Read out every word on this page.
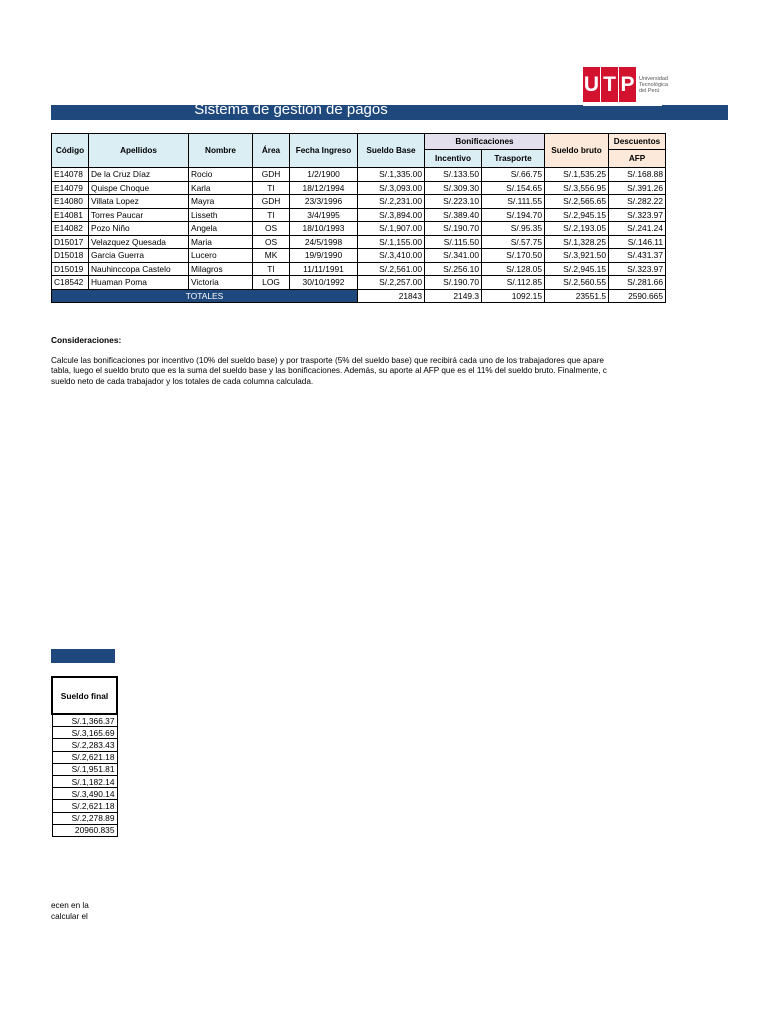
U T P Universidad
Tecnológica
del Perú
Sistema de gestión de pagos
Código	Apellidos	Nombre	Área	Fecha Ingreso	Sueldo Base	Bonificaciones		Sueldo bruto	Descuentos
						Incentivo	Trasporte		AFP
E14078	De la Cruz Díaz	Rocio	GDH	1/2/1900	S/.1,335.00	S/.133.50	S/.66.75	S/.1,535.25	S/.168.88
E14079	Quispe Choque	Karla	TI	18/12/1994	S/.3,093.00	S/.309.30	S/.154.65	S/.3,556.95	S/.391.26
E14080	Villata Lopez	Mayra	GDH	23/3/1996	S/.2,231.00	S/.223.10	S/.111.55	S/.2,565.65	S/.282.22
E14081	Torres Paucar	Lisseth	TI	3/4/1995	S/.3,894.00	S/.389.40	S/.194.70	S/.2,945.15	S/.323.97
E14082	Pozo Niño	Angela	OS	18/10/1993	S/.1,907.00	S/.190.70	S/.95.35	S/.2,193.05	S/.241.24
D15017	Velazquez Quesada	Maria	OS	24/5/1998	S/.1,155.00	S/.115.50	S/.57.75	S/.1,328.25	S/.146.11
D15018	Garcia Guerra	Lucero	MK	19/9/1990	S/.3,410.00	S/.341.00	S/.170.50	S/.3,921.50	S/.431.37
D15019	Nauhinccopa Castelo	Milagros	TI	11/11/1991	S/.2,561.00	S/.256.10	S/.128.05	S/.2,945.15	S/.323.97
C18542	Huaman Poma	Victoria	LOG	30/10/1992	S/.2,257.00	S/.190.70	S/.112.85	S/.2,560.55	S/.281.66
TOTALES					21843	2149.3	1092.15	23551.5	2590.665
Consideraciones:
Calcule las bonificaciones por incentivo (10% del sueldo base) y por trasporte (5% del sueldo base) que recibirá cada uno de los trabajadores que apare
tabla, luego el sueldo bruto que es la suma del sueldo base y las bonificaciones. Además, su aporte al AFP que es el 11% del sueldo bruto. Finalmente, c
sueldo neto de cada trabajador y los totales de cada columna calculada.
Sueldo final
S/.1,366.37
S/.3,165.69
S/.2,283.43
S/.2,621.18
S/.1,951.81
S/.1,182.14
S/.3,490.14
S/.2,621.18
S/.2,278.89
20960.835
ecen en la
calcular el
